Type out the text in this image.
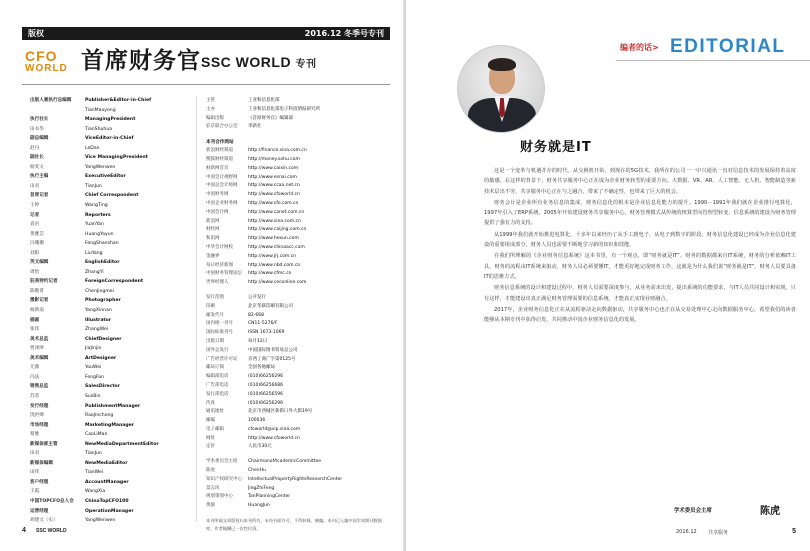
版权	2016.12 冬季号专刊
CFO
WORLD 首席财务官 SSC WORLD 专刊
出版人兼执行总编辑	Publisher&Editor-in-Chief
TianMaoyong
执行社长	ManagingPresident
田书华	TianShuhua
副总编辑	ViceEditor-in-Chief
赵丹	LeDan
副社长	Vice ManagingPresident
杨雯文	YangWenwen
执行主编	ExecutiveEditor
田君	TianJun
首席记者	Chief Correspondent
王婷	WangTing
记者	Reporters
袁岩	YuanYan
黄雅芸	HuangYayun
冯珊珊	FengShanshan
刘阳	LiuYang
英文编辑	EnglishEditor
周怡	ZhangYi
驻美特约记者	ForeignCorrespondent
陈敬菁	ChenJingmei
摄影记者	Photographer
杨新南	YangXinnan
插画	Illustrator
张玮	ZhangWei
美术总监	ChiefDesigner
贾津津	JiaJinjin
美术编辑	ArtDesigner
尤薇	YouWei
冯法	FengFan
销售总监	SalesDirector
苏苏	SusBin
发行经理	PublishmentManager
饶洪嫦	RaoJinchong
市场经理	MarketingManager
蔡雅	CaoLiMan
新媒体部主管	NewMediaDepartmentEditor
田君	TianJun
新媒体编辑	NewMediaEditor
田伟	TianWei
客户经理	AccountManager
王霞	WangXia
中国TOPCFO总人会 ChinaTopCFO100
运营经理	OperationManager
胡建文（实）	YangWenwen
主管	工业和信息化部
主办	工业和信息化部电子科技情报研究所
编辑出版	《首席财务官》编辑部
驻京联合办公室 李新壮
本刊合作网站
新浪财经频道	http://finance.sina.com.cn
搜狐财经频道	http://money.sohu.com
财新网首页	http://www.caixin.com
中国会计视野网 http://www.esnai.com
中国总会计师网 http://www.ccaa.net.cn
中国财务网	http://www.cfoworld.cn
中国企业财务网 http://www.cfo.com.cn
中国会计网	http://www.canet.com.cn
新浪网	http://www.sina.com.cn
财经网	http://www.caijing.com.cn
和讯网	http://www.hexun.com
中华会计网校	http://www.chinaacc.com
金融界	http://www.jrj.com.cn
每日经济新闻	http://www.nbd.com.cn
中国财务管理论坛 http://www.cfmc.cn
世界经理人	http://www.ceconline.com
发行范围	公开发行
印刷	北京华联印刷有限公司
邮发代号	82-668
国内统一刊号	CN11-5276/F
国际标准刊号	ISSN 1673-1069
出版日期	每月12日
国外总发行	中国国际图书贸易总公司
广告经营许可证 京西工商广字第0125号
邮局订阅	全国各地邮局
编辑部电话	(010)66256296
广告部电话	(010)66256686
发行部电话	(010)66256596
传真	(010)66256296
通讯地址	北京市西城区新街口外大街19号
邮编	100036
电子邮箱	cfoworld@vip.sina.com
网址	http://www.cfoworld.cn
定价	人民币30元
学术委员会主席 ChairmanofAcademicCommittee
陈虎	ChenHu
知识产权研究中心 IntellectualPropertyRightsResearchCenter
景志风	JingZhiFeng
规划策划中心	TanPlanningCenter
黄骏	HuangJun
本刊所载文章版权归本刊所有，未经书面许可，不得转载、摘编。本刊已入编中国学术期刊数据库，作者稿酬已一次性付清。
4 SSC WORLD
编者的话> EDITORIAL
财务就是IT

这是一个变革与机遇并存的时代。从交换机开始，到现在的5G技术，我所在的公司一一中兴通讯一直对信息技术的发展保持着高度的敏感。在这样的背景下，财务共享服务中心正在成为企业财务转型的重要方向。大数据、VR、AR、人工智能、无人机、智能制造等新技术层出不穷，共享服务中心正在与之融合，带来了不确定性，也带来了巨大的机会。

财务会计是企业所有业务信息的集成，财务信息化的根本是企业信息化能力的提升。1990－1991年我们就在企业推行电算化，1997年引入了ERP系统，2005年开始建设财务共享服务中心，财务管理模式从传统的核算型向管理型转变，信息系统的建设为财务管理提供了强有力的支持。

从1999年我们就开始推进电算化，十多年以来经历了从手工到电子、从电子到数字的阶段。财务信息化建设已经成为企业信息化建设的重要组成部分，财务人员也需要不断地学习新的知识和技能。

在我们所理解的《企业财务信息系统》这本书里，有一个观点，即“财务就是IT”。财务的数据都来自IT系统，财务的分析依赖IT工具，财务的流程由IT系统来驱动，财务人员必须要懂IT，才能更好地完成财务工作。这就是为什么我们说“财务就是IT”，财务人员要具备IT的思维方式。

财务信息系统的设计和建设过程中，财务人员需要深度参与，从业务需求出发，提出系统的功能要求，与IT人员共同设计和实现。只有这样，才能建设出真正满足财务管理需要的信息系统，才能真正实现业财融合。

2017年，企业财务信息化正在从流程驱动走向数据驱动，共享服务中心也正在从交易处理中心走向数据服务中心。希望我们的读者能够从本期专刊中获得启发，共同推动中国企业财务信息化的发展。

学术委员会主席	陈虎
2016.12 共享服务	5
